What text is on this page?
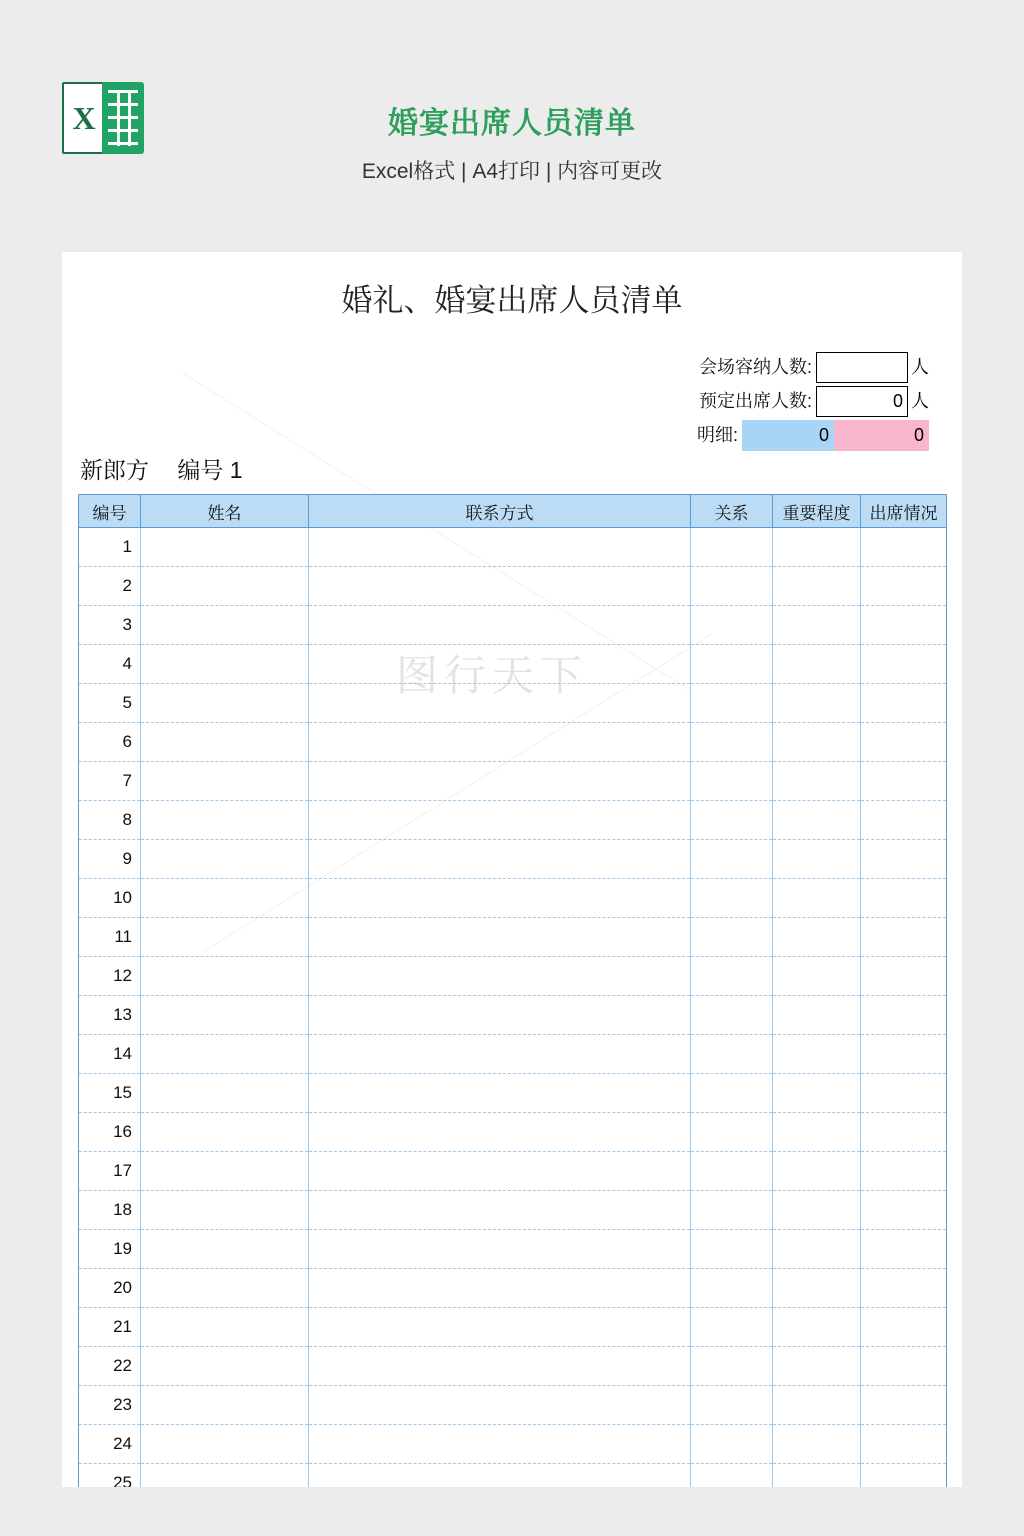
X	婚宴出席人员清单
Excel格式 | A4打印 | 内容可更改
图行天下
婚礼、婚宴出席人员清单
会场容纳人数:	人
预定出席人数:	0 人
明细:	0	0
新郎方 编号 1
编号	姓名	联系方式	关系	重要程度	出席情况
1					
2					
3					
4					
5					
6					
7					
8					
9					
10					
11					
12					
13					
14					
15					
16					
17					
18					
19					
20					
21					
22					
23					
24					
25					
